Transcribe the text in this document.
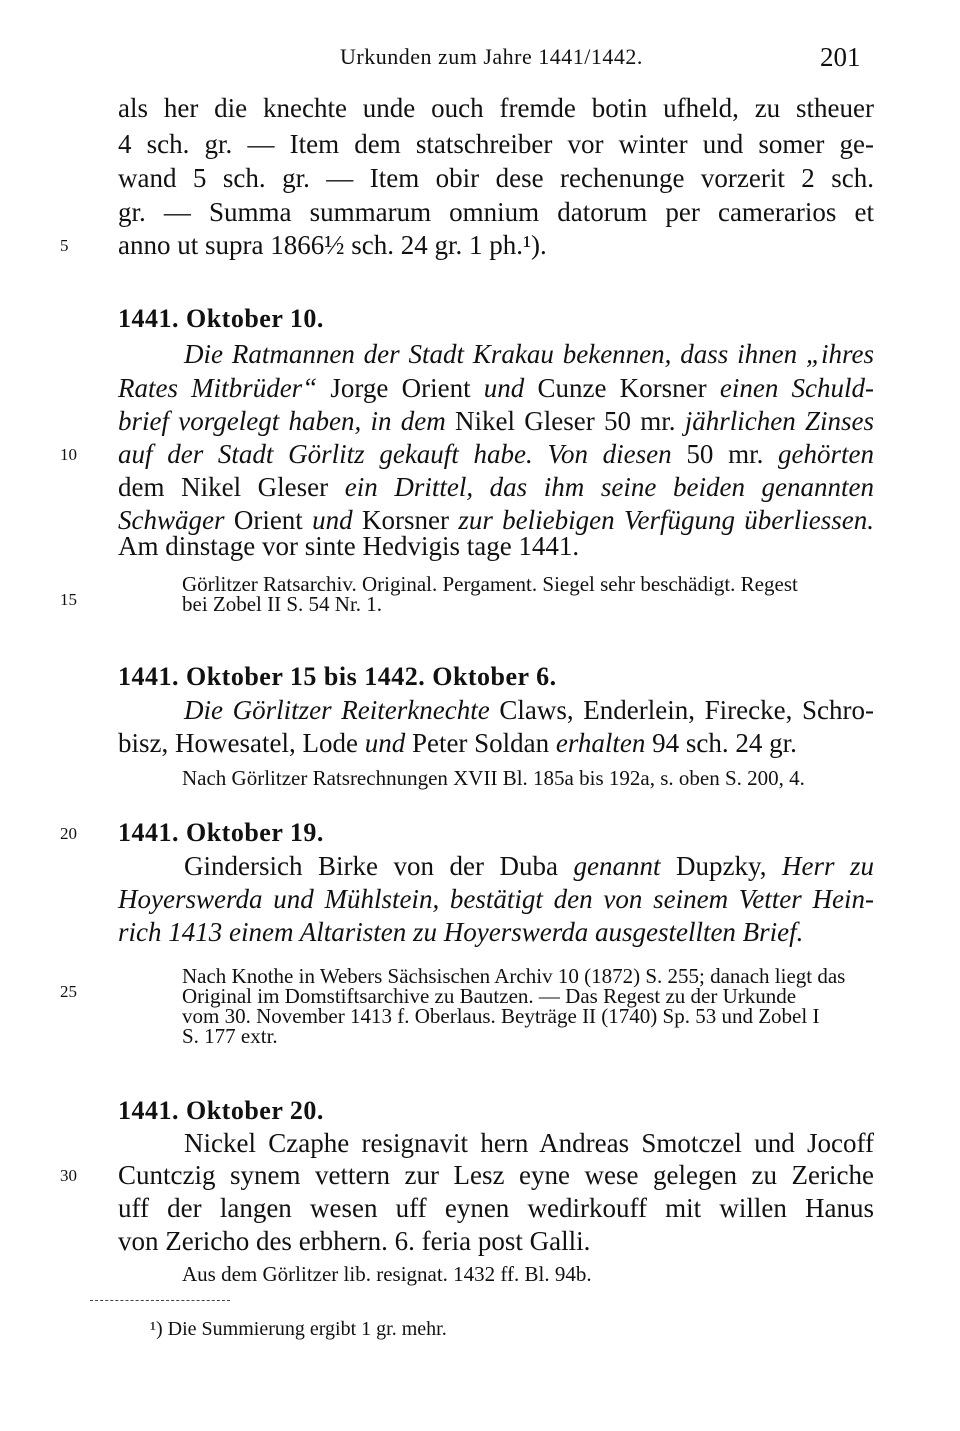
Urkunden zum Jahre 1441/1442.	201
als her die knechte unde ouch fremde botin ufheld, zu stheuer
4 sch. gr. — Item dem statschreiber vor winter und somer ge-
wand 5 sch. gr. — Item obir dese rechenunge vorzerit 2 sch.
gr. — Summa summarum omnium datorum per camerarios et
5 anno ut supra 1866½ sch. 24 gr. 1 ph.¹).
1441. Oktober 10.
Die Ratmannen der Stadt Krakau bekennen, dass ihnen „ihres
Rates Mitbrüder“ Jorge Orient und Cunze Korsner einen Schuld-
brief vorgelegt haben, in dem Nikel Gleser 50 mr. jährlichen Zinses
10 auf der Stadt Görlitz gekauft habe. Von diesen 50 mr. gehörten
dem Nikel Gleser ein Drittel, das ihm seine beiden genannten
Schwäger Orient und Korsner zur beliebigen Verfügung überliessen.
Am dinstage vor sinte Hedvigis tage 1441.
Görlitzer Ratsarchiv. Original. Pergament. Siegel sehr beschädigt. Regest
15	bei Zobel II S. 54 Nr. 1.
1441. Oktober 15 bis 1442. Oktober 6.
Die Görlitzer Reiterknechte Claws, Enderlein, Firecke, Schro-
bisz, Howesatel, Lode und Peter Soldan erhalten 94 sch. 24 gr.
Nach Görlitzer Ratsrechnungen XVII Bl. 185a bis 192a, s. oben S. 200, 4.
20 1441. Oktober 19.
Gindersich Birke von der Duba genannt Dupzky, Herr zu
Hoyerswerda und Mühlstein, bestätigt den von seinem Vetter Hein-
rich 1413 einem Altaristen zu Hoyerswerda ausgestellten Brief.
Nach Knothe in Webers Sächsischen Archiv 10 (1872) S. 255; danach liegt das
25	Original im Domstiftsarchive zu Bautzen. — Das Regest zu der Urkunde
vom 30. November 1413 f. Oberlaus. Beyträge II (1740) Sp. 53 und Zobel I
S. 177 extr.
1441. Oktober 20.
Nickel Czaphe resignavit hern Andreas Smotczel und Jocoff
30 Cuntczig synem vettern zur Lesz eyne wese gelegen zu Zeriche
uff der langen wesen uff eynen wedirkouff mit willen Hanus
von Zericho des erbhern. 6. feria post Galli.
Aus dem Görlitzer lib. resignat. 1432 ff. Bl. 94b.
¹) Die Summierung ergibt 1 gr. mehr.
